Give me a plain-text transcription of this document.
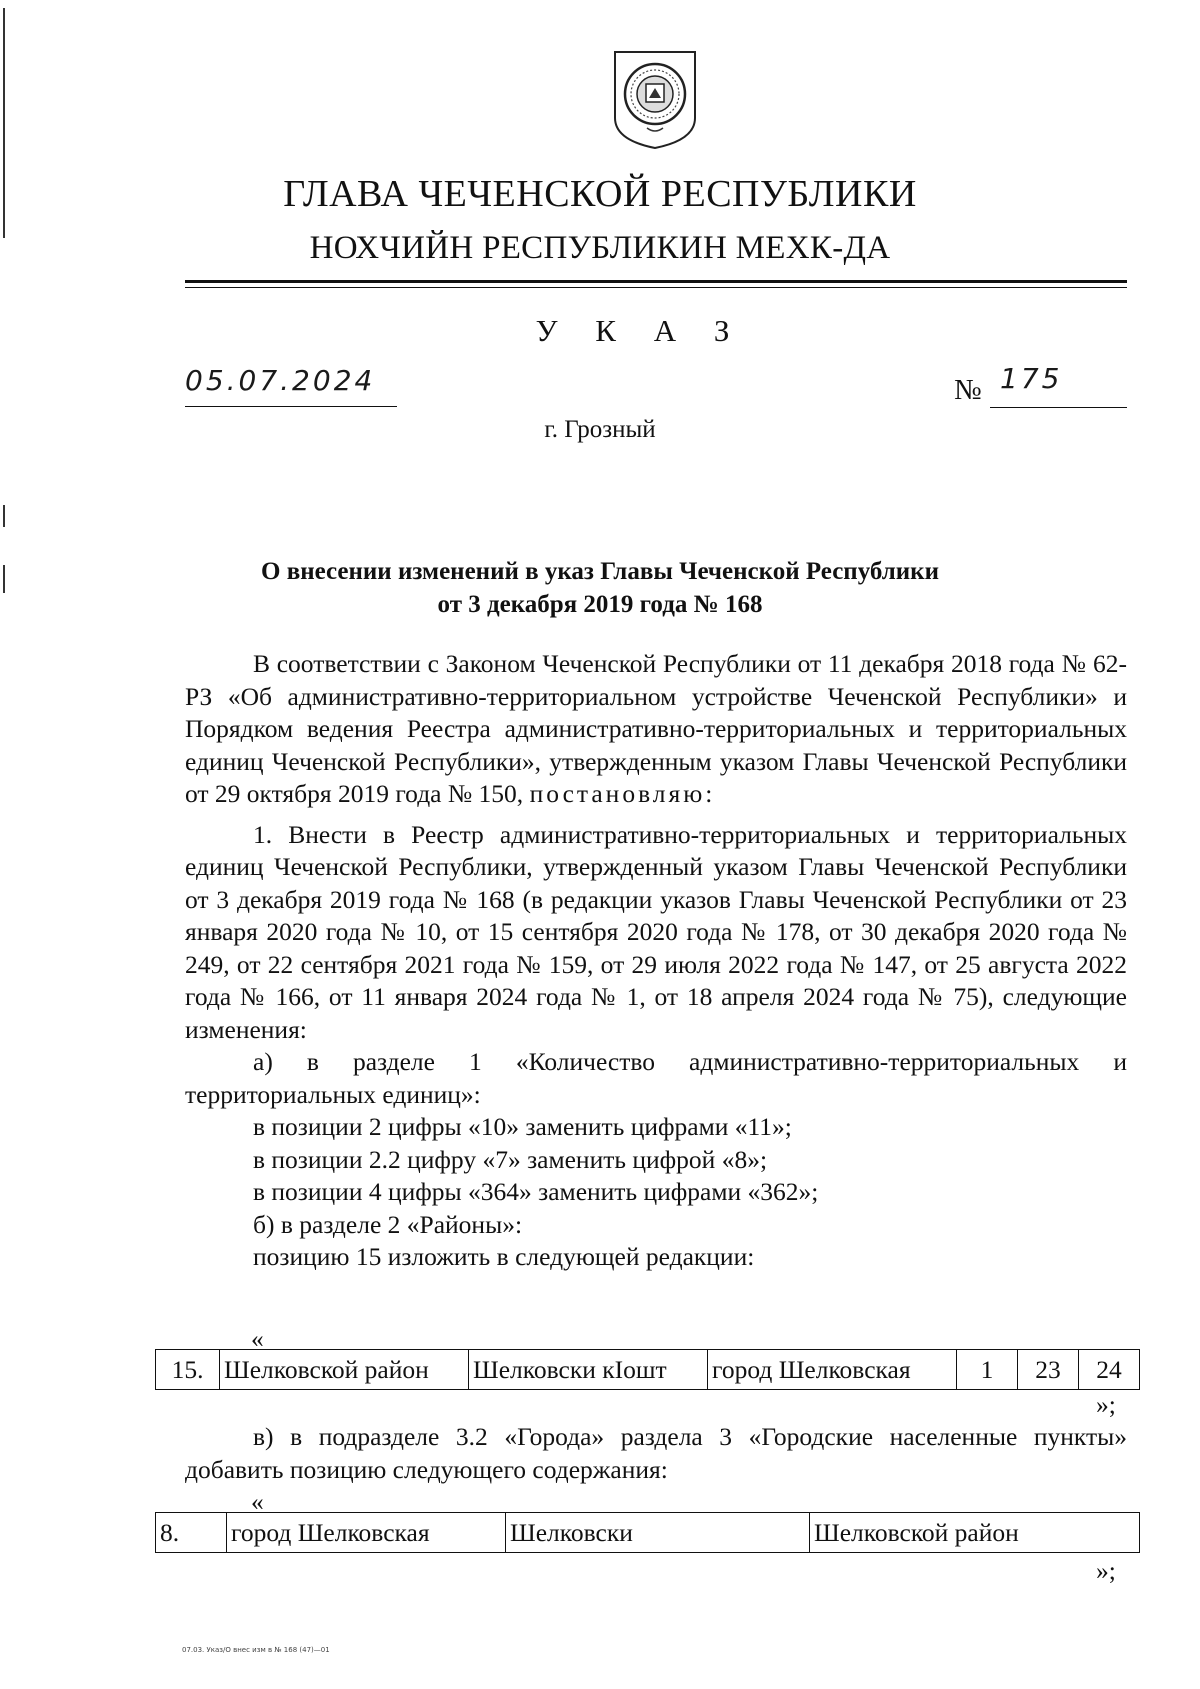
ГЛАВА ЧЕЧЕНСКОЙ РЕСПУБЛИКИ
НОХЧИЙН РЕСПУБЛИКИН МЕХК-ДА
У К А З
05.07.2024	№ 175
г. Грозный
О внесении изменений в указ Главы Чеченской Республики
от 3 декабря 2019 года № 168

В соответствии с Законом Чеченской Республики от 11 декабря 2018 года № 62-РЗ «Об административно-территориальном устройстве Чеченской Республики» и Порядком ведения Реестра административно-территориальных и территориальных единиц Чеченской Республики», утвержденным указом Главы Чеченской Республики от 29 октября 2019 года № 150, постановляю:

1. Внести в Реестр административно-территориальных и территориальных единиц Чеченской Республики, утвержденный указом Главы Чеченской Республики от 3 декабря 2019 года № 168 (в редакции указов Главы Чеченской Республики от 23 января 2020 года № 10, от 15 сентября 2020 года № 178, от 30 декабря 2020 года № 249, от 22 сентября 2021 года № 159, от 29 июля 2022 года № 147, от 25 августа 2022 года № 166, от 11 января 2024 года № 1, от 18 апреля 2024 года № 75), следующие изменения:

а) в разделе 1 «Количество административно-территориальных и территориальных единиц»:

в позиции 2 цифры «10» заменить цифрами «11»;

в позиции 2.2 цифру «7» заменить цифрой «8»;

в позиции 4 цифры «364» заменить цифрами «362»;

б) в разделе 2 «Районы»:

позицию 15 изложить в следующей редакции:

«
15.	Шелковской район	Шелковски кIошт	город Шелковская	1	23	24
»;

в) в подразделе 3.2 «Города» раздела 3 «Городские населенные пункты» добавить позицию следующего содержания:

«
8.	город Шелковская	Шелковски	Шелковской район
»;
07.03. Указ/О внес изм в № 168 (47)—01
